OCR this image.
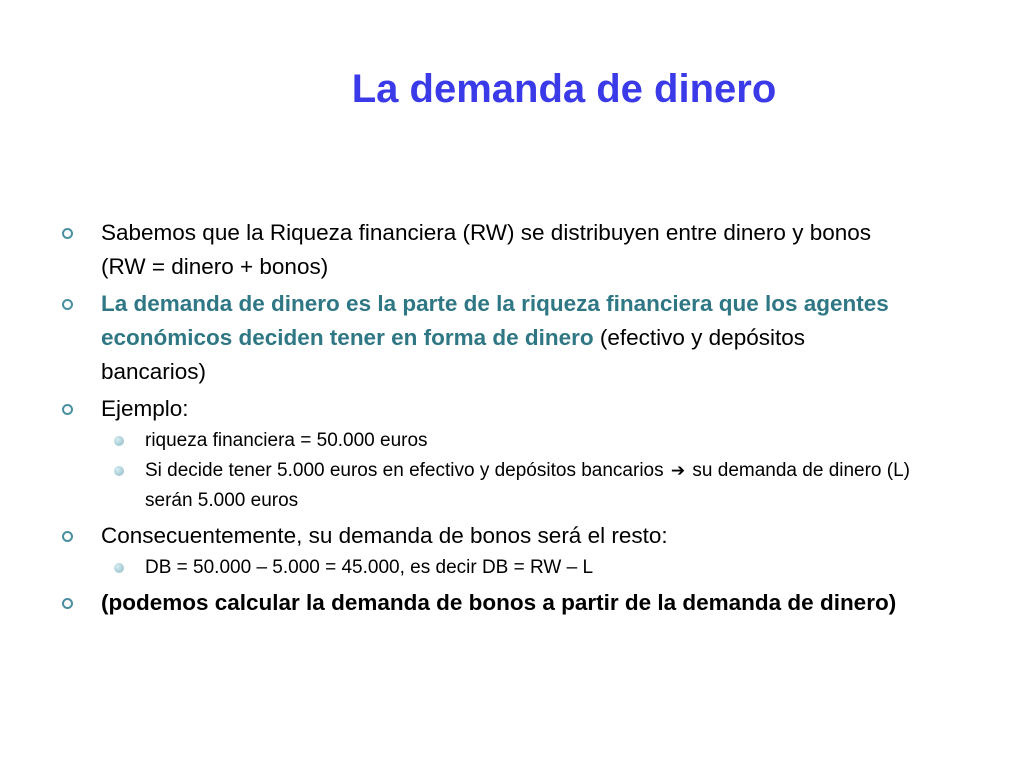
La demanda de dinero
Sabemos que la Riqueza financiera (RW) se distribuyen entre dinero y bonos (RW = dinero + bonos)
La demanda de dinero es la parte de la riqueza financiera que los agentes económicos deciden tener en forma de dinero (efectivo y depósitos bancarios)
Ejemplo:
riqueza financiera = 50.000 euros
Si decide tener 5.000 euros en efectivo y depósitos bancarios ➔ su demanda de dinero (L) serán 5.000 euros
Consecuentemente, su demanda de bonos será el resto:
DB = 50.000 – 5.000 = 45.000, es decir DB = RW – L
(podemos calcular la demanda de bonos a partir de la demanda de dinero)
